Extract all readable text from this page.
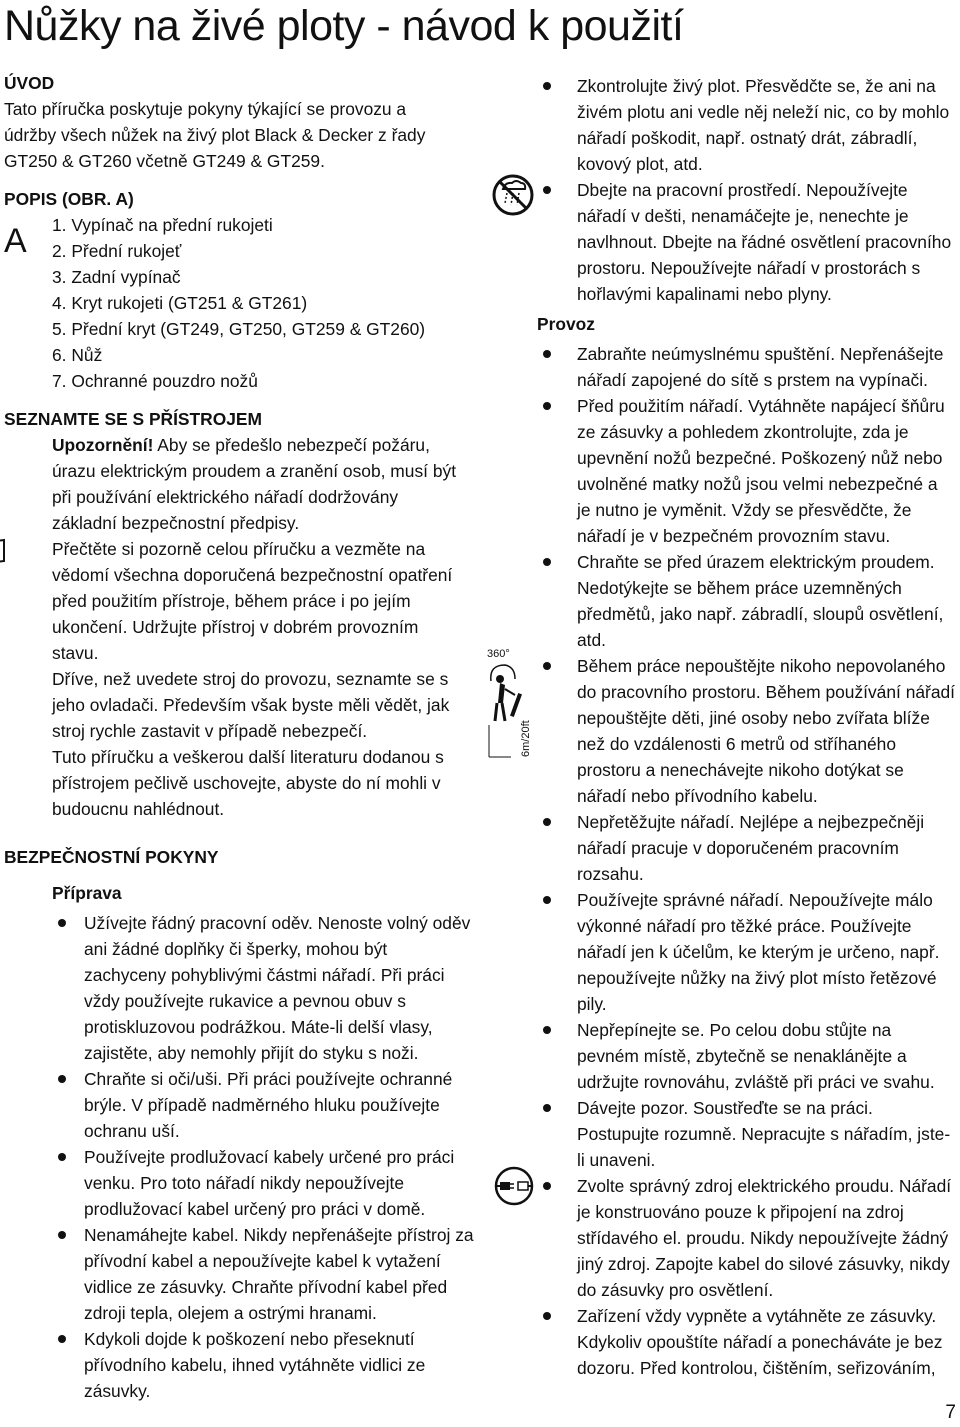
Nůžky na živé ploty - návod k použití
ÚVOD

Tato příručka poskytuje pokyny týkající se provozu a údržby všech nůžek na živý plot Black & Decker z řady GT250 & GT260 včetně GT249 & GT259.

POPIS (OBR. A)
A 1. Vypínač na přední rukojeti
2. Přední rukojeť
3. Zadní vypínač
4. Kryt rukojeti (GT251 & GT261)
5. Přední kryt (GT249, GT250, GT259 & GT260)
6. Nůž
7. Ochranné pouzdro nožů
SEZNAMTE SE S PŘÍSTROJEM

Upozornění! Aby se předešlo nebezpečí požáru, úrazu elektrickým proudem a zranění osob, musí být při používání elektrického nářadí dodržovány základní bezpečnostní předpisy.

Přečtěte si pozorně celou příručku a vezměte na vědomí všechna doporučená bezpečnostní opatření před použitím přístroje, během práce i po jejím ukončení. Udržujte přístroj v dobrém provozním stavu.

Dříve, než uvedete stroj do provozu, seznamte se s jeho ovladači. Především však byste měli vědět, jak stroj rychle zastavit v případě nebezpečí.

Tuto příručku a veškerou další literaturu dodanou s přístrojem pečlivě uschovejte, abyste do ní mohli v budoucnu nahlédnout.

BEZPEČNOSTNÍ POKYNY
Příprava
Užívejte řádný pracovní oděv. Nenoste volný oděv ani žádné doplňky či šperky, mohou být zachyceny pohyblivými částmi nářadí. Při práci vždy používejte rukavice a pevnou obuv s protiskluzovou podrážkou. Máte-li delší vlasy, zajistěte, aby nemohly přijít do styku s noži.
Chraňte si oči/uši. Při práci používejte ochranné brýle. V případě nadměrného hluku používejte ochranu uší.
Používejte prodlužovací kabely určené pro práci venku. Pro toto nářadí nikdy nepoužívejte prodlužovací kabel určený pro práci v domě.
Nenamáhejte kabel. Nikdy nepřenášejte přístroj za přívodní kabel a nepoužívejte kabel k vytažení vidlice ze zásuvky. Chraňte přívodní kabel před zdroji tepla, olejem a ostrými hranami.
Kdykoli dojde k poškození nebo přeseknutí přívodního kabelu, ihned vytáhněte vidlici ze zásuvky.
Zkontrolujte živý plot. Přesvědčte se, že ani na živém plotu ani vedle něj neleží nic, co by mohlo nářadí poškodit, např. ostnatý drát, zábradlí, kovový plot, atd.
Dbejte na pracovní prostředí. Nepoužívejte nářadí v dešti, nenamáčejte je, nenechte je navlhnout. Dbejte na řádné osvětlení pracovního prostoru. Nepoužívejte nářadí v prostorách s hořlavými kapalinami nebo plyny.
Provoz
Zabraňte neúmyslnému spuštění. Nepřenášejte nářadí zapojené do sítě s prstem na vypínači.
Před použitím nářadí. Vytáhněte napájecí šňůru ze zásuvky a pohledem zkontrolujte, zda je upevnění nožů bezpečné. Poškozený nůž nebo uvolněné matky nožů jsou velmi nebezpečné a je nutno je vyměnit. Vždy se přesvědčte, že nářadí je v bezpečném provozním stavu.
Chraňte se před úrazem elektrickým proudem. Nedotýkejte se během práce uzemněných předmětů, jako např. zábradlí, sloupů osvětlení, atd.
360°
6m/20ft
Během práce nepouštějte nikoho nepovolaného do pracovního prostoru. Během používání nářadí nepouštějte děti, jiné osoby nebo zvířata blíže než do vzdálenosti 6 metrů od stříhaného prostoru a nenechávejte nikoho dotýkat se nářadí nebo přívodního kabelu.
Nepřetěžujte nářadí. Nejlépe a nejbezpečněji nářadí pracuje v doporučeném pracovním rozsahu.
Používejte správné nářadí. Nepoužívejte málo výkonné nářadí pro těžké práce. Používejte nářadí jen k účelům, ke kterým je určeno, např. nepoužívejte nůžky na živý plot místo řetězové pily.
Nepřepínejte se. Po celou dobu stůjte na pevném místě, zbytečně se nenaklánějte a udržujte rovnováhu, zvláště při práci ve svahu.
Dávejte pozor. Soustřeďte se na práci. Postupujte rozumně. Nepracujte s nářadím, jste-li unaveni.
Zvolte správný zdroj elektrického proudu. Nářadí je konstruováno pouze k připojení na zdroj střídavého el. proudu. Nikdy nepoužívejte žádný jiný zdroj. Zapojte kabel do silové zásuvky, nikdy do zásuvky pro osvětlení.
Zařízení vždy vypněte a vytáhněte ze zásuvky. Kdykoliv opouštíte nářadí a ponecháváte je bez dozoru. Před kontrolou, čištěním, seřizováním,
7
